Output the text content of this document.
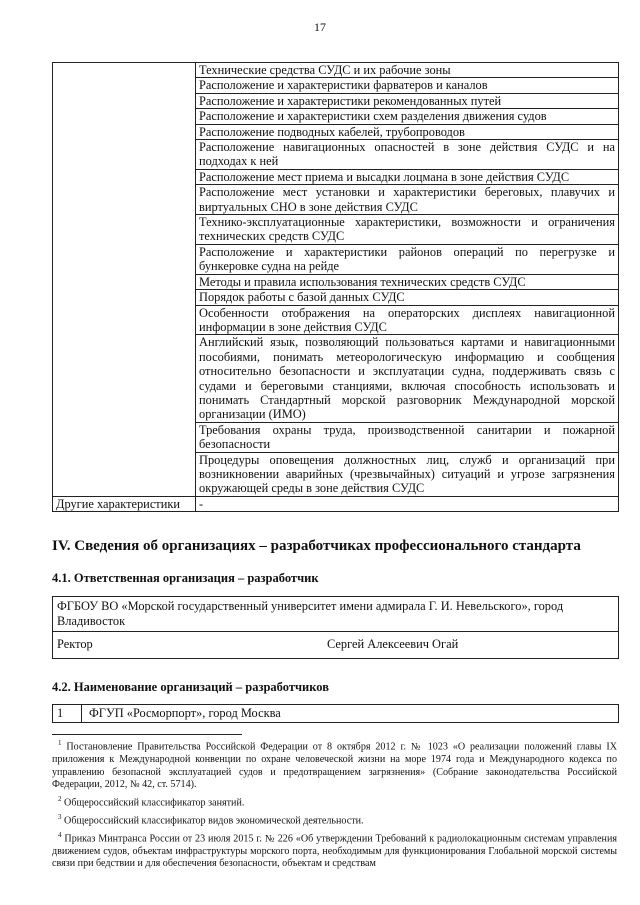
17
	Технические средства СУДС и их рабочие зоны
	Расположение и характеристики фарватеров и каналов
	Расположение и характеристики рекомендованных путей
	Расположение и характеристики схем разделения движения судов
	Расположение подводных кабелей, трубопроводов
	Расположение навигационных опасностей в зоне действия СУДС и на подходах к ней
	Расположение мест приема и высадки лоцмана в зоне действия СУДС
	Расположение мест установки и характеристики береговых, плавучих и виртуальных СНО в зоне действия СУДС
	Технико-эксплуатационные характеристики, возможности и ограничения технических средств СУДС
	Расположение и характеристики районов операций по перегрузке и бункеровке судна на рейде
	Методы и правила использования технических средств СУДС
	Порядок работы с базой данных СУДС
	Особенности отображения на операторских дисплеях навигационной информации в зоне действия СУДС
	Английский язык, позволяющий пользоваться картами и навигационными пособиями, понимать метеорологическую информацию и сообщения относительно безопасности и эксплуатации судна, поддерживать связь с судами и береговыми станциями, включая способность использовать и понимать Стандартный морской разговорник Международной морской организации (ИМО)
	Требования охраны труда, производственной санитарии и пожарной безопасности
	Процедуры оповещения должностных лиц, служб и организаций при возникновении аварийных (чрезвычайных) ситуаций и угрозе загрязнения окружающей среды в зоне действия СУДС
Другие характеристики	-
IV. Сведения об организациях – разработчиках профессионального стандарта
4.1. Ответственная организация – разработчик
ФГБОУ ВО «Морской государственный университет имени адмирала Г. И. Невельского», город Владивосток
Ректор	Сергей Алексеевич Огай
4.2. Наименование организаций – разработчиков
1 ФГУП «Росморпорт», город Москва

$^1$ Постановление Правительства Российской Федерации от 8 октября 2012 г. № 1023 «О реализации положений главы IX приложения к Международной конвенции по охране человеческой жизни на море 1974 года и Международного кодекса по управлению безопасной эксплуатацией судов и предотвращением загрязнения» (Собрание законодательства Российской Федерации, 2012, № 42, ст. 5714).

$^2$ Общероссийский классификатор занятий.

$^3$ Общероссийский классификатор видов экономической деятельности.

$^4$ Приказ Минтранса России от 23 июля 2015 г. № 226 «Об утверждении Требований к радиолокационным системам управления движением судов, объектам инфраструктуры морского порта, необходимым для функционирования Глобальной морской системы связи при бедствии и для обеспечения безопасности, объектам и средствам
